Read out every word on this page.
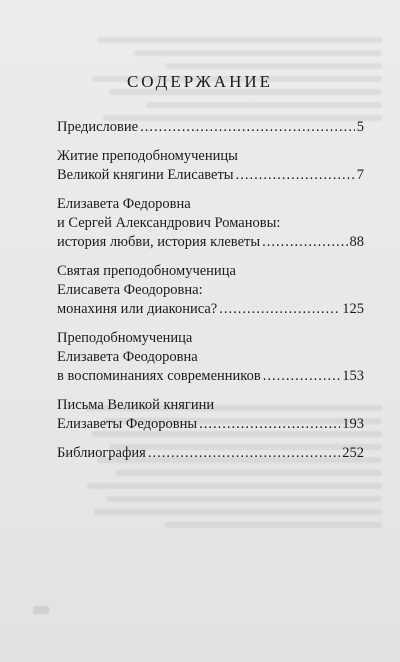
СОДЕРЖАНИЕ
Предисловие .....	5
Житие преподобномученицы
Великой княгини Елисаветы .....	7
Елизавета Федоровна
и Сергей Александрович Романовы:
история любви, история клеветы .....	88
Святая преподобномученица
Елисавета Феодоровна:
монахиня или диакониса? .....	125
Преподобномученица
Елизавета Феодоровна
в воспоминаниях современников .....	153
Письма Великой княгини
Елизаветы Федоровны .....	193
Библиография .....	252
